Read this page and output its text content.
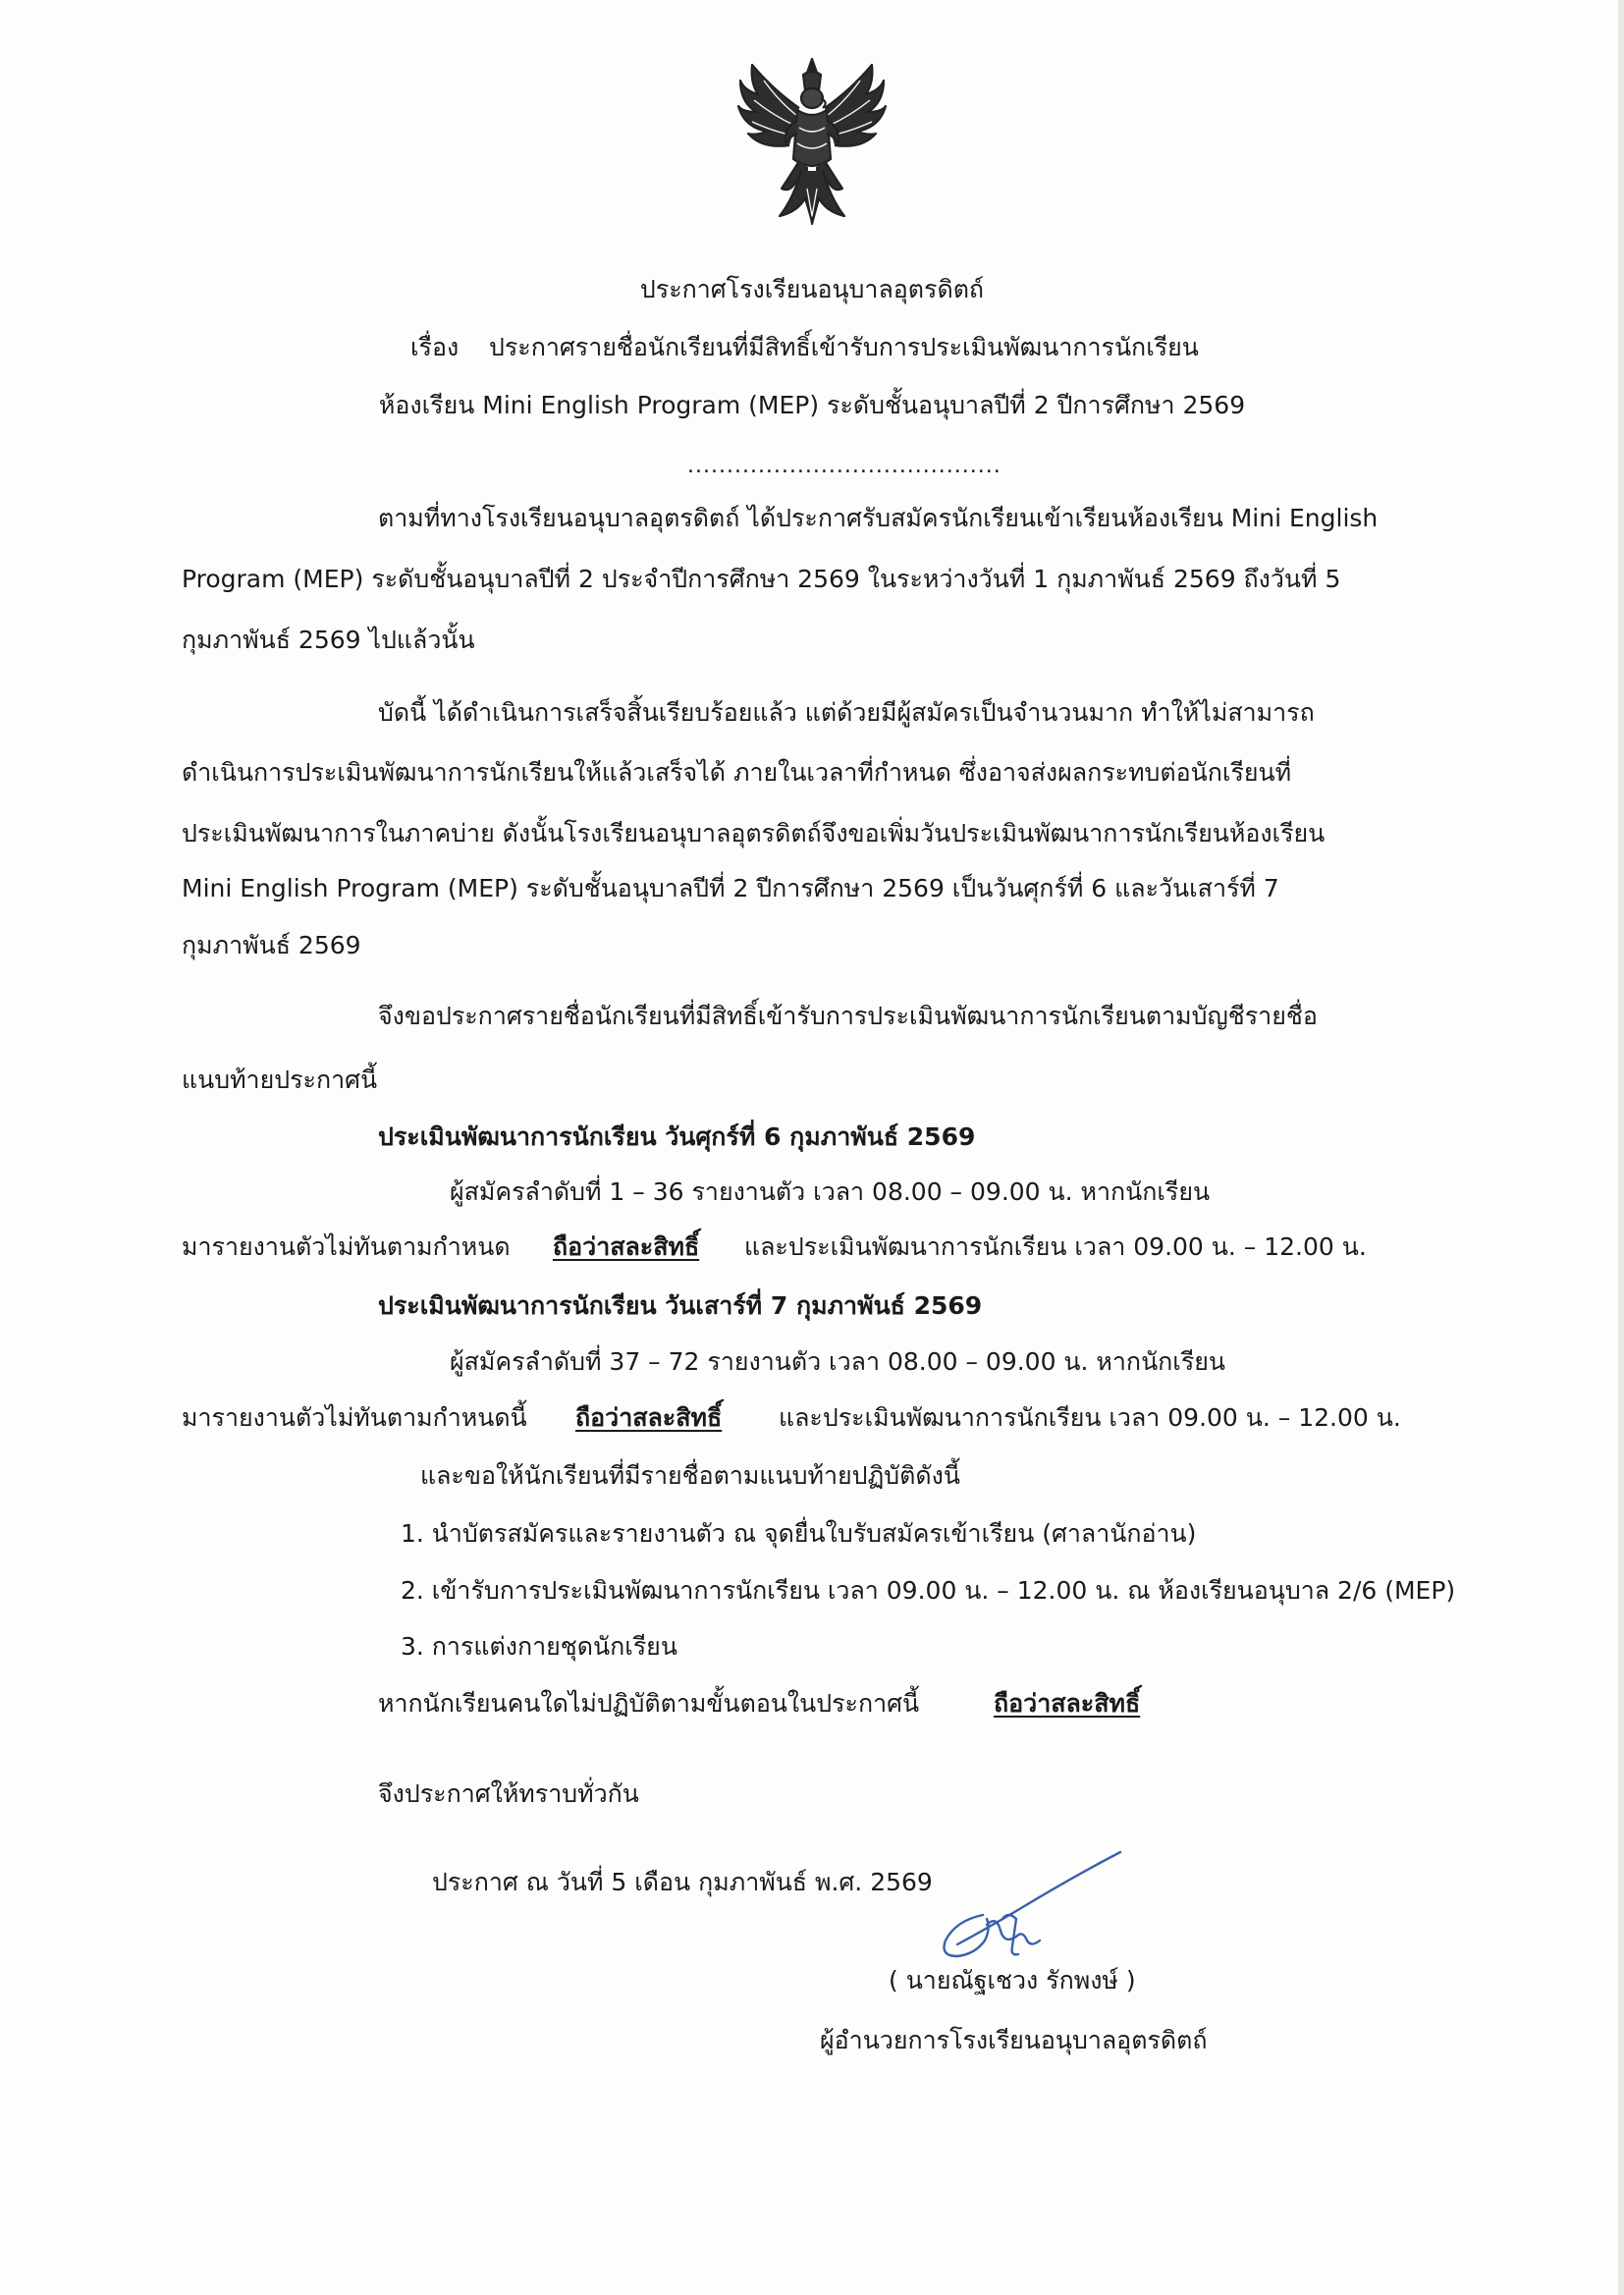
ประกาศโรงเรียนอนุบาลอุตรดิตถ์
เรื่อง ประกาศรายชื่อนักเรียนที่มีสิทธิ์เข้ารับการประเมินพัฒนาการนักเรียน
ห้องเรียน Mini English Program (MEP) ระดับชั้นอนุบาลปีที่ 2 ปีการศึกษา 2569
........................................
ตามที่ทางโรงเรียนอนุบาลอุตรดิตถ์ ได้ประกาศรับสมัครนักเรียนเข้าเรียนห้องเรียน Mini English
Program (MEP) ระดับชั้นอนุบาลปีที่ 2 ประจำปีการศึกษา 2569 ในระหว่างวันที่ 1 กุมภาพันธ์ 2569 ถึงวันที่ 5
กุมภาพันธ์ 2569 ไปแล้วนั้น
บัดนี้ ได้ดำเนินการเสร็จสิ้นเรียบร้อยแล้ว แต่ด้วยมีผู้สมัครเป็นจำนวนมาก ทำให้ไม่สามารถ
ดำเนินการประเมินพัฒนาการนักเรียนให้แล้วเสร็จได้ ภายในเวลาที่กำหนด ซึ่งอาจส่งผลกระทบต่อนักเรียนที่
ประเมินพัฒนาการในภาคบ่าย ดังนั้นโรงเรียนอนุบาลอุตรดิตถ์จึงขอเพิ่มวันประเมินพัฒนาการนักเรียนห้องเรียน
Mini English Program (MEP) ระดับชั้นอนุบาลปีที่ 2 ปีการศึกษา 2569 เป็นวันศุกร์ที่ 6 และวันเสาร์ที่ 7
กุมภาพันธ์ 2569
จึงขอประกาศรายชื่อนักเรียนที่มีสิทธิ์เข้ารับการประเมินพัฒนาการนักเรียนตามบัญชีรายชื่อ
แนบท้ายประกาศนี้
ประเมินพัฒนาการนักเรียน วันศุกร์ที่ 6 กุมภาพันธ์ 2569
ผู้สมัครลำดับที่ 1 – 36 รายงานตัว เวลา 08.00 – 09.00 น. หากนักเรียน
มารายงานตัวไม่ทันตามกำหนด ถือว่าสละสิทธิ์ และประเมินพัฒนาการนักเรียน เวลา 09.00 น. – 12.00 น.
ประเมินพัฒนาการนักเรียน วันเสาร์ที่ 7 กุมภาพันธ์ 2569
ผู้สมัครลำดับที่ 37 – 72 รายงานตัว เวลา 08.00 – 09.00 น. หากนักเรียน
มารายงานตัวไม่ทันตามกำหนดนี้ ถือว่าสละสิทธิ์ และประเมินพัฒนาการนักเรียน เวลา 09.00 น. – 12.00 น.
และขอให้นักเรียนที่มีรายชื่อตามแนบท้ายปฏิบัติดังนี้
1. นำบัตรสมัครและรายงานตัว ณ จุดยื่นใบรับสมัครเข้าเรียน (ศาลานักอ่าน)
2. เข้ารับการประเมินพัฒนาการนักเรียน เวลา 09.00 น. – 12.00 น. ณ ห้องเรียนอนุบาล 2/6 (MEP)
3. การแต่งกายชุดนักเรียน
หากนักเรียนคนใดไม่ปฏิบัติตามขั้นตอนในประกาศนี้	ถือว่าสละสิทธิ์
จึงประกาศให้ทราบทั่วกัน
ประกาศ ณ วันที่ 5 เดือน กุมภาพันธ์ พ.ศ. 2569
( นายณัฐเชวง รักพงษ์ )
ผู้อำนวยการโรงเรียนอนุบาลอุตรดิตถ์
